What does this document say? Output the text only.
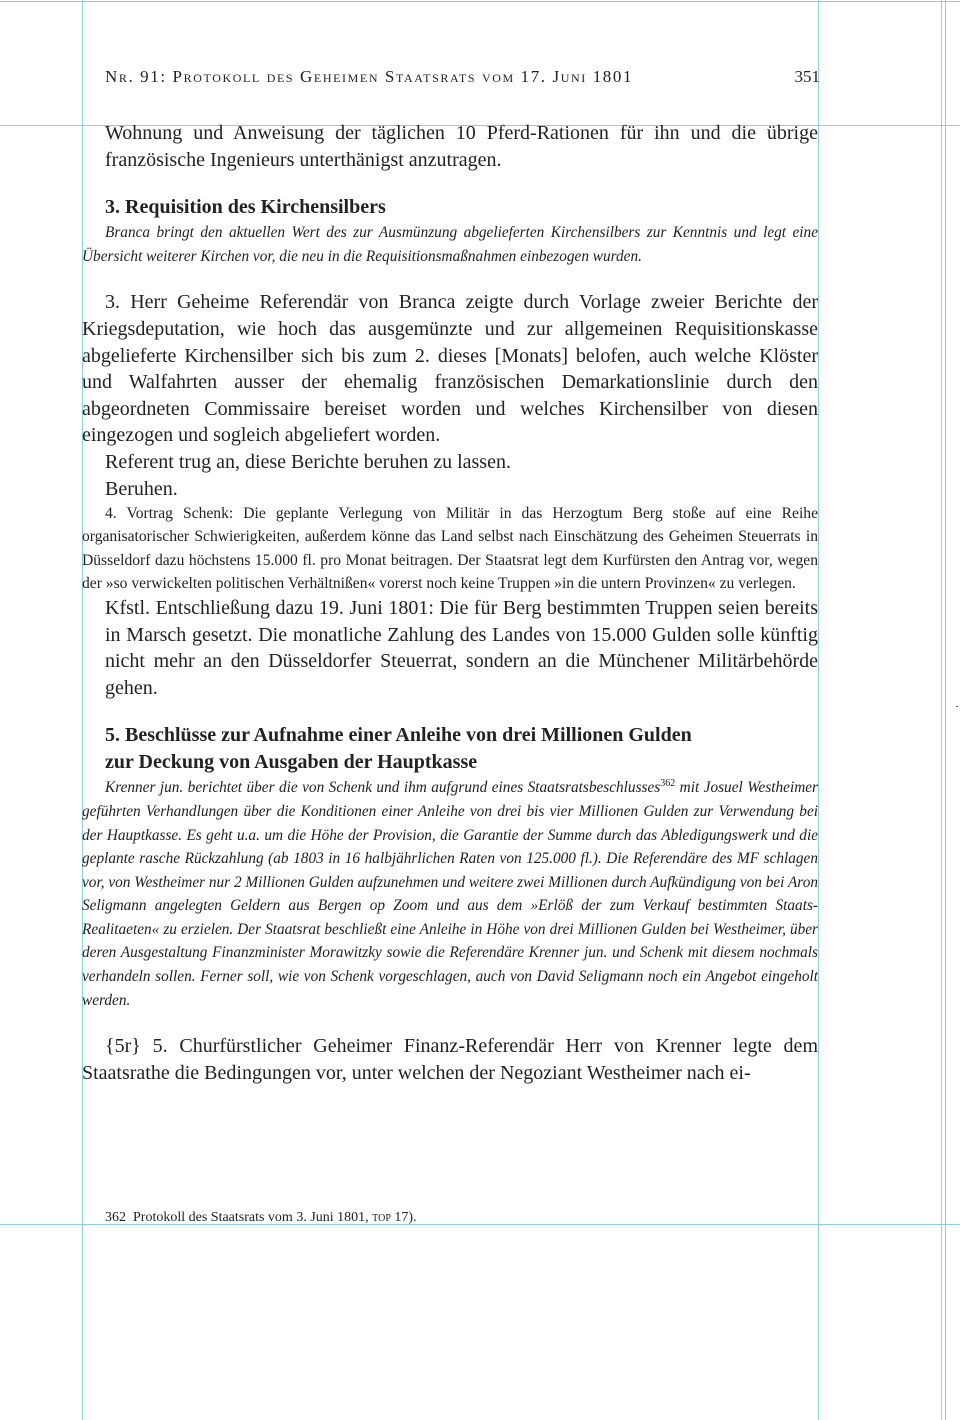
Nr. 91: Protokoll des Geheimen Staatsrats vom 17. Juni 1801	351

Wohnung und Anweisung der täglichen 10 Pferd-Rationen für ihn und die übrige französische Ingenieurs unterthänigst anzutragen.

3. Requisition des Kirchensilbers

Branca bringt den aktuellen Wert des zur Ausmünzung abgelieferten Kirchensilbers zur Kenntnis und legt eine Übersicht weiterer Kirchen vor, die neu in die Requisitionsmaßnahmen einbezogen wurden.

3. Herr Geheime Referendär von Branca zeigte durch Vorlage zweier Berichte der Kriegsdeputation, wie hoch das ausgemünzte und zur allgemeinen Requisitionskasse abgelieferte Kirchensilber sich bis zum 2. dieses [Monats] belofen, auch welche Klöster und Walfahrten ausser der ehemalig französischen Demarkationslinie durch den abgeordneten Commissaire bereiset worden und welches Kirchensilber von diesen eingezogen und sogleich abgeliefert worden.

Referent trug an, diese Berichte beruhen zu lassen.

Beruhen.

4. Vortrag Schenk: Die geplante Verlegung von Militär in das Herzogtum Berg stoße auf eine Reihe organisatorischer Schwierigkeiten, außerdem könne das Land selbst nach Einschätzung des Geheimen Steuerrats in Düsseldorf dazu höchstens 15.000 fl. pro Monat beitragen. Der Staatsrat legt dem Kurfürsten den Antrag vor, wegen der »so verwickelten politischen Verhältnißen« vorerst noch keine Truppen »in die untern Provinzen« zu verlegen.

Kfstl. Entschließung dazu 19. Juni 1801: Die für Berg bestimmten Truppen seien bereits in Marsch gesetzt. Die monatliche Zahlung des Landes von 15.000 Gulden solle künftig nicht mehr an den Düsseldorfer Steuerrat, sondern an die Münchener Militärbehörde gehen.

5. Beschlüsse zur Aufnahme einer Anleihe von drei Millionen Gulden
zur Deckung von Ausgaben der Hauptkasse

Krenner jun. berichtet über die von Schenk und ihm aufgrund eines Staatsratsbeschlusses$^{362}$ mit Josuel Westheimer geführten Verhandlungen über die Konditionen einer Anleihe von drei bis vier Millionen Gulden zur Verwendung bei der Hauptkasse. Es geht u.a. um die Höhe der Provision, die Garantie der Summe durch das Abledigungswerk und die geplante rasche Rückzahlung (ab 1803 in 16 halbjährlichen Raten von 125.000 fl.). Die Referendäre des MF schlagen vor, von Westheimer nur 2 Millionen Gulden aufzunehmen und weitere zwei Millionen durch Aufkündigung von bei Aron Seligmann angelegten Geldern aus Bergen op Zoom und aus dem »Erlöß der zum Verkauf bestimmten Staats-Realitaeten« zu erzielen. Der Staatsrat beschließt eine Anleihe in Höhe von drei Millionen Gulden bei Westheimer, über deren Ausgestaltung Finanzminister Morawitzky sowie die Referendäre Krenner jun. und Schenk mit diesem nochmals verhandeln sollen. Ferner soll, wie von Schenk vorgeschlagen, auch von David Seligmann noch ein Angebot eingeholt werden.

{5r} 5. Churfürstlicher Geheimer Finanz-Referendär Herr von Krenner legte dem Staatsrathe die Bedingungen vor, unter welchen der Negoziant Westheimer nach ei-

362 Protokoll des Staatsrats vom 3. Juni 1801, top 17).
